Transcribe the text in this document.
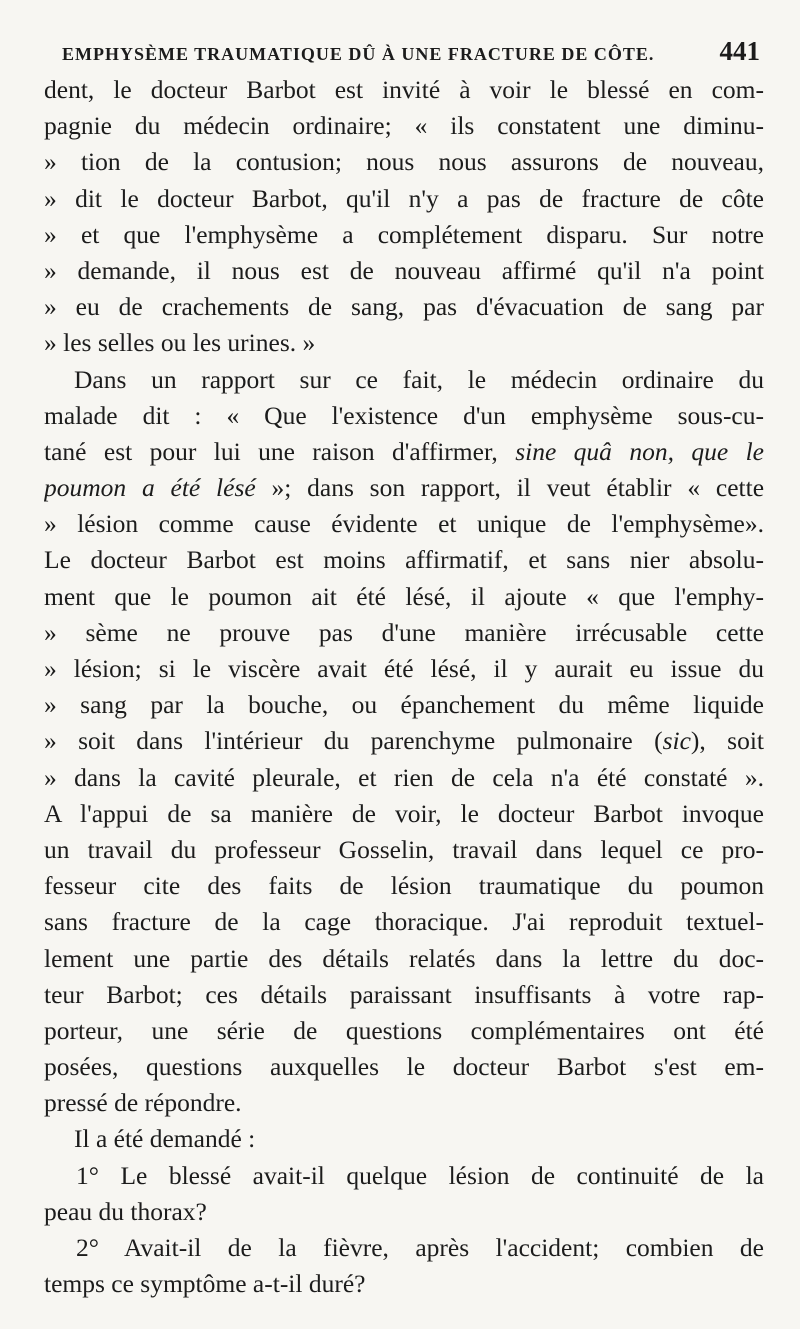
EMPHYSÈME TRAUMATIQUE DÛ À UNE FRACTURE DE CÔTE. 441
dent, le docteur Barbot est invité à voir le blessé en com-
pagnie du médecin ordinaire; « ils constatent une diminu-
» tion de la contusion; nous nous assurons de nouveau,
» dit le docteur Barbot, qu'il n'y a pas de fracture de côte
» et que l'emphysème a complétement disparu. Sur notre
» demande, il nous est de nouveau affirmé qu'il n'a point
» eu de crachements de sang, pas d'évacuation de sang par
» les selles ou les urines. »
Dans un rapport sur ce fait, le médecin ordinaire du
malade dit : « Que l'existence d'un emphysème sous-cu-
tané est pour lui une raison d'affirmer, sine quâ non, que le
poumon a été lésé »; dans son rapport, il veut établir « cette
» lésion comme cause évidente et unique de l'emphysème».
Le docteur Barbot est moins affirmatif, et sans nier absolu-
ment que le poumon ait été lésé, il ajoute « que l'emphy-
» sème ne prouve pas d'une manière irrécusable cette
» lésion; si le viscère avait été lésé, il y aurait eu issue du
» sang par la bouche, ou épanchement du même liquide
» soit dans l'intérieur du parenchyme pulmonaire (sic), soit
» dans la cavité pleurale, et rien de cela n'a été constaté ».
A l'appui de sa manière de voir, le docteur Barbot invoque
un travail du professeur Gosselin, travail dans lequel ce pro-
fesseur cite des faits de lésion traumatique du poumon
sans fracture de la cage thoracique. J'ai reproduit textuel-
lement une partie des détails relatés dans la lettre du doc-
teur Barbot; ces détails paraissant insuffisants à votre rap-
porteur, une série de questions complémentaires ont été
posées, questions auxquelles le docteur Barbot s'est em-
pressé de répondre.
Il a été demandé :
1° Le blessé avait-il quelque lésion de continuité de la
peau du thorax?
2° Avait-il de la fièvre, après l'accident; combien de
temps ce symptôme a-t-il duré?
